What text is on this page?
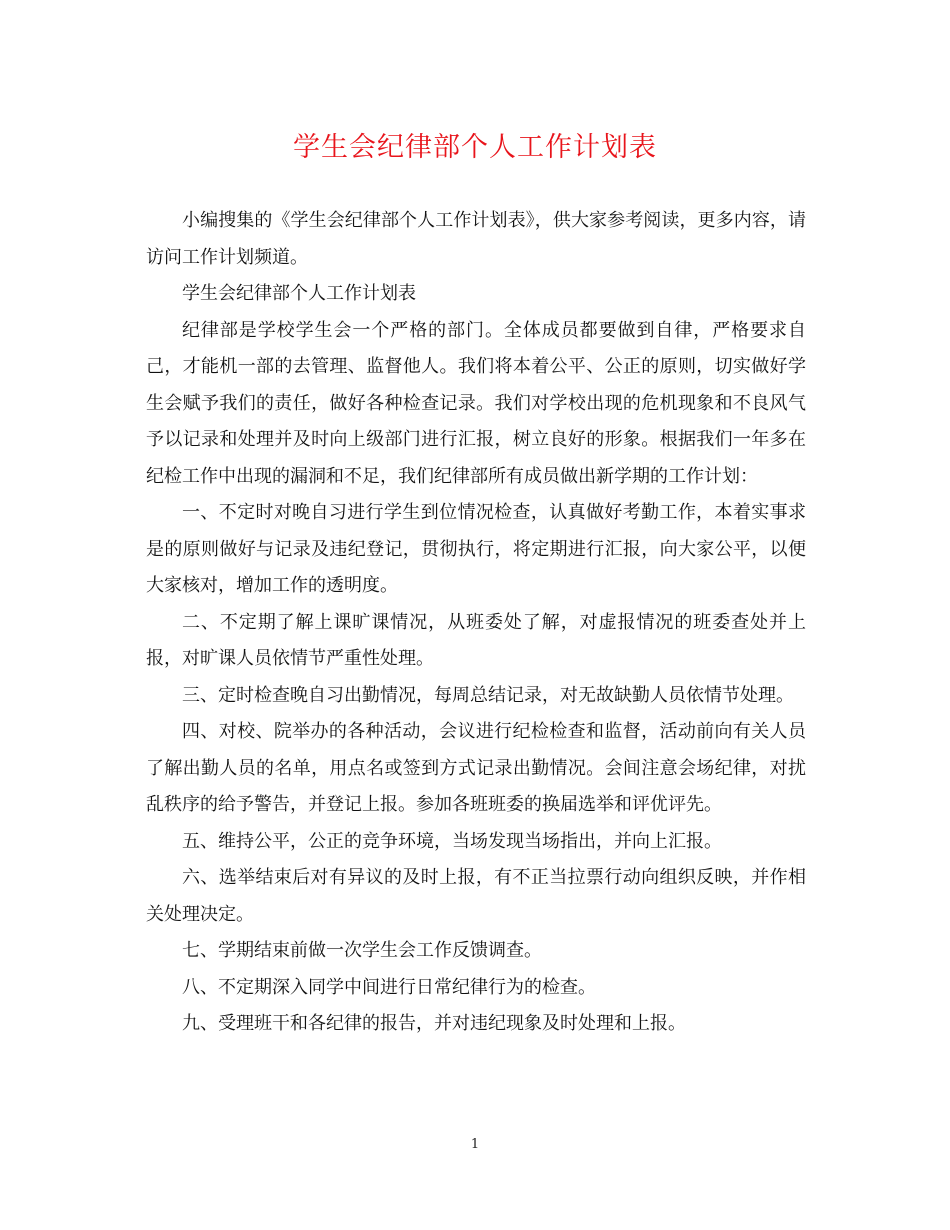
学生会纪律部个人工作计划表

小编搜集的《学生会纪律部个人工作计划表》，供大家参考阅读，更多内容，请访问工作计划频道。

学生会纪律部个人工作计划表

纪律部是学校学生会一个严格的部门。全体成员都要做到自律，严格要求自己，才能机一部的去管理、监督他人。我们将本着公平、公正的原则，切实做好学生会赋予我们的责任，做好各种检查记录。我们对学校出现的危机现象和不良风气予以记录和处理并及时向上级部门进行汇报，树立良好的形象。根据我们一年多在纪检工作中出现的漏洞和不足，我们纪律部所有成员做出新学期的工作计划：

一、不定时对晚自习进行学生到位情况检查，认真做好考勤工作，本着实事求是的原则做好与记录及违纪登记，贯彻执行，将定期进行汇报，向大家公平，以便大家核对，增加工作的透明度。

二、不定期了解上课旷课情况，从班委处了解，对虚报情况的班委查处并上报，对旷课人员依情节严重性处理。

三、定时检查晚自习出勤情况，每周总结记录，对无故缺勤人员依情节处理。

四、对校、院举办的各种活动，会议进行纪检检查和监督，活动前向有关人员了解出勤人员的名单，用点名或签到方式记录出勤情况。会间注意会场纪律，对扰乱秩序的给予警告，并登记上报。参加各班班委的换届选举和评优评先。

五、维持公平，公正的竞争环境，当场发现当场指出，并向上汇报。

六、选举结束后对有异议的及时上报，有不正当拉票行动向组织反映，并作相关处理决定。

七、学期结束前做一次学生会工作反馈调查。

八、不定期深入同学中间进行日常纪律行为的检查。

九、受理班干和各纪律的报告，并对违纪现象及时处理和上报。

1
